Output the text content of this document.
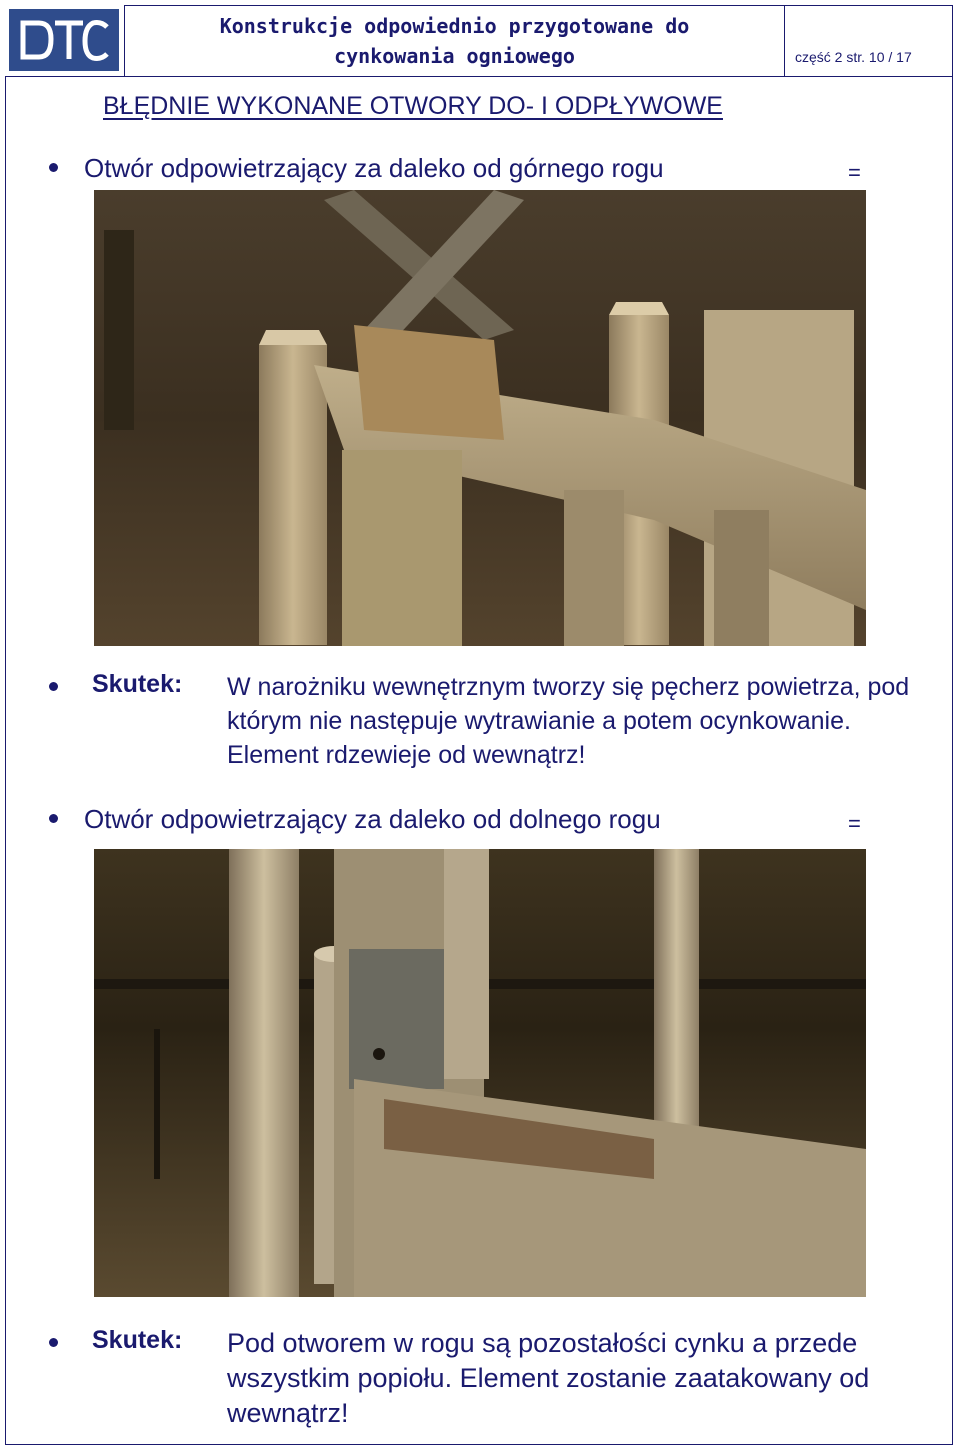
Konstrukcje odpowiednio przygotowane do
cynkowania ogniowego	część 2 str. 10 / 17
BŁĘDNIE WYKONANE OTWORY DO- I ODPŁYWOWE
Otwór odpowietrzający za daleko od górnego rogu	=
Skutek: W narożniku wewnętrznym tworzy się pęcherz powietrza, pod którym nie następuje wytrawianie a potem ocynkowanie. Element rdzewieje od wewnątrz!
Otwór odpowietrzający za daleko od dolnego rogu	=
Skutek: Pod otworem w rogu są pozostałości cynku a przede wszystkim popiołu. Element zostanie zaatakowany od wewnątrz!
